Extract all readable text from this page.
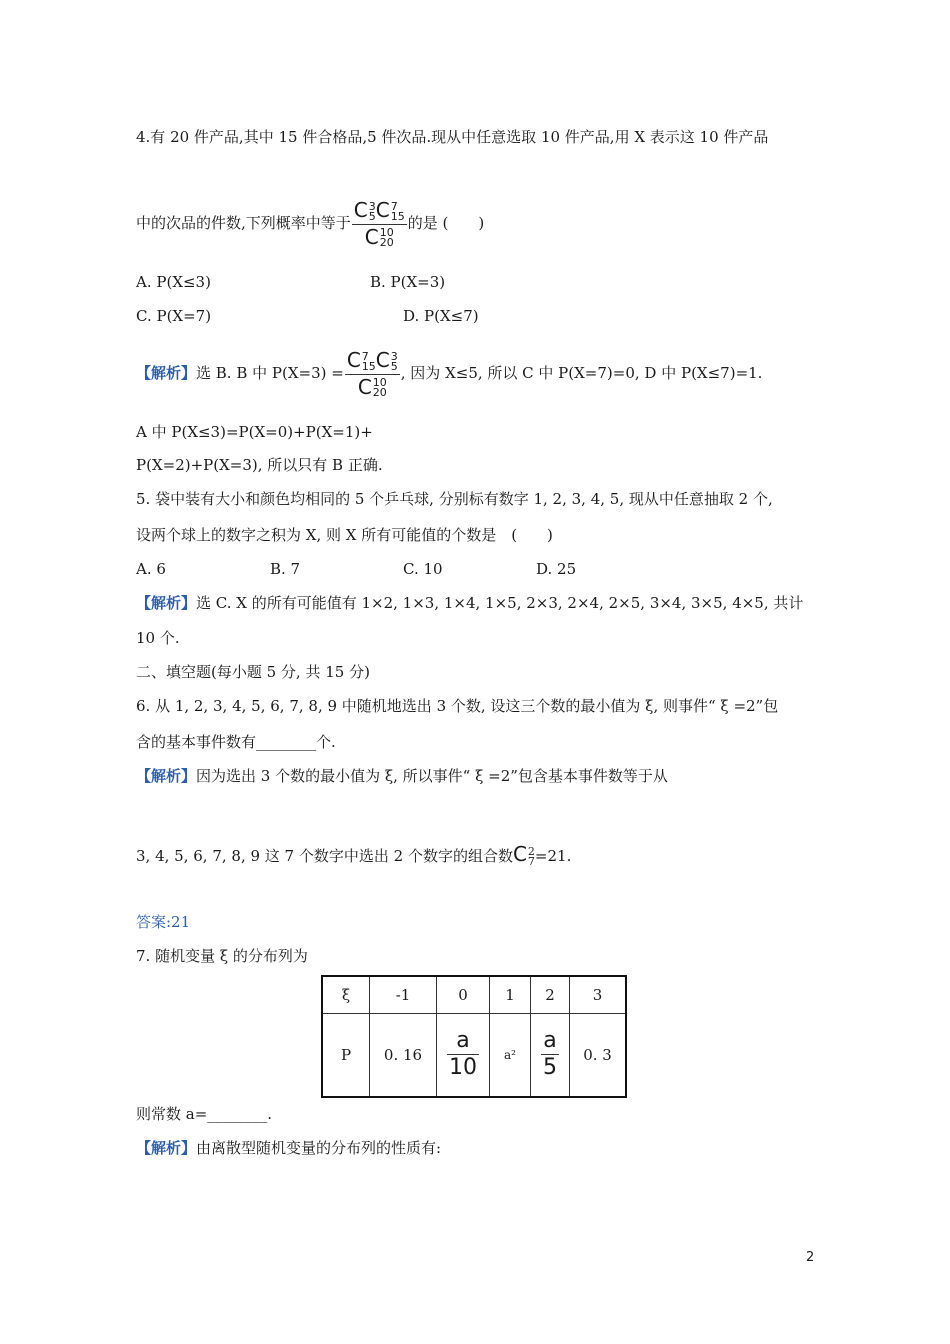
4.有 20 件产品,其中 15 件合格品,5 件次品.现从中任意选取 10 件产品,用 X 表示这 10 件产品
中的次品的件数,下列概率中等于 C 3
5 C 7
15
C 10
20 的是 (　　)
A. P(X≤3)	B. P(X=3)
C. P(X=7)	D. P(X≤7)
【解析】选 B. B 中 P(X=3) = C 7
15 C 3
5
C 10
20 , 因为 X≤5, 所以 C 中 P(X=7)=0, D 中 P(X≤7)=1.
A 中 P(X≤3)=P(X=0)+P(X=1)+
P(X=2)+P(X=3), 所以只有 B 正确.
5. 袋中装有大小和颜色均相同的 5 个乒乓球, 分别标有数字 1, 2, 3, 4, 5, 现从中任意抽取 2 个,
设两个球上的数字之积为 X, 则 X 所有可能值的个数是　(　　)
A. 6	B. 7	C. 10	D. 25
【解析】选 C. X 的所有可能值有 1×2, 1×3, 1×4, 1×5, 2×3, 2×4, 2×5, 3×4, 3×5, 4×5, 共计
10 个.
二、填空题(每小题 5 分, 共 15 分)
6. 从 1, 2, 3, 4, 5, 6, 7, 8, 9 中随机地选出 3 个数, 设这三个数的最小值为 ξ, 则事件“ ξ =2”包
含的基本事件数有________个.
【解析】因为选出 3 个数的最小值为 ξ, 所以事件“ ξ =2”包含基本事件数等于从
3, 4, 5, 6, 7, 8, 9 这 7 个数字中选出 2 个数字的组合数C 2
7 =21.
答案:21
7. 随机变量 ξ 的分布列为
ξ	-1	0	1	2	3
P	0. 16	$\frac{a}{10}$	a²	$\frac{a}{5}$	0. 3
则常数 a=________.
【解析】由离散型随机变量的分布列的性质有:
2
